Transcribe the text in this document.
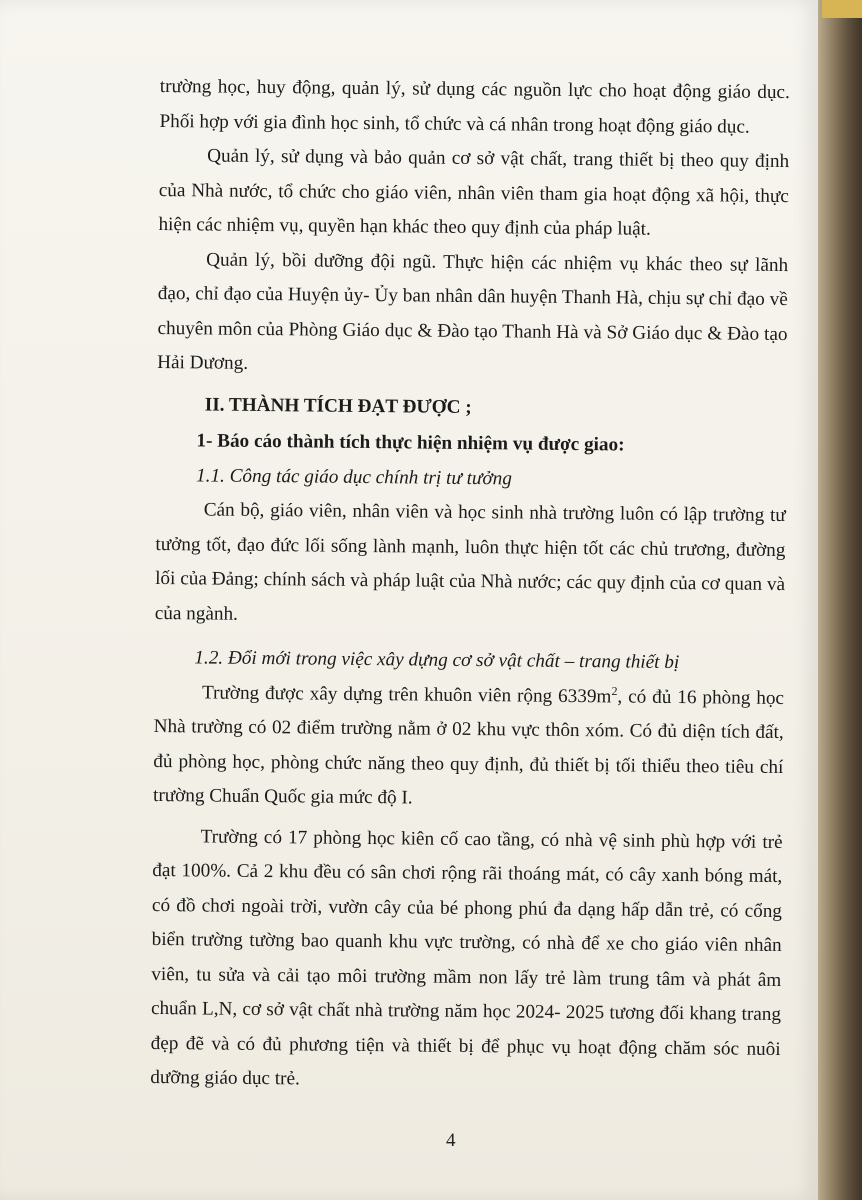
trường học, huy động, quản lý, sử dụng các nguồn lực cho hoạt động giáo dục. Phối hợp với gia đình học sinh, tổ chức và cá nhân trong hoạt động giáo dục.

Quản lý, sử dụng và bảo quản cơ sở vật chất, trang thiết bị theo quy định của Nhà nước, tổ chức cho giáo viên, nhân viên tham gia hoạt động xã hội, thực hiện các nhiệm vụ, quyền hạn khác theo quy định của pháp luật.

Quản lý, bồi dưỡng đội ngũ. Thực hiện các nhiệm vụ khác theo sự lãnh đạo, chỉ đạo của Huyện ủy- Ủy ban nhân dân huyện Thanh Hà, chịu sự chỉ đạo về chuyên môn của Phòng Giáo dục & Đào tạo Thanh Hà và Sở Giáo dục & Đào tạo Hải Dương.

II. THÀNH TÍCH ĐẠT ĐƯỢC ;

1- Báo cáo thành tích thực hiện nhiệm vụ được giao:

1.1. Công tác giáo dục chính trị tư tưởng

Cán bộ, giáo viên, nhân viên và học sinh nhà trường luôn có lập trường tư tưởng tốt, đạo đức lối sống lành mạnh, luôn thực hiện tốt các chủ trương, đường lối của Đảng; chính sách và pháp luật của Nhà nước; các quy định của cơ quan và của ngành.

1.2. Đổi mới trong việc xây dựng cơ sở vật chất – trang thiết bị

Trường được xây dựng trên khuôn viên rộng $6339m^2$, có đủ 16 phòng học Nhà trường có 02 điểm trường nằm ở 02 khu vực thôn xóm. Có đủ diện tích đất, đủ phòng học, phòng chức năng theo quy định, đủ thiết bị tối thiểu theo tiêu chí trường Chuẩn Quốc gia mức độ I.

Trường có 17 phòng học kiên cố cao tầng, có nhà vệ sinh phù hợp với trẻ đạt 100%. Cả 2 khu đều có sân chơi rộng rãi thoáng mát, có cây xanh bóng mát, có đồ chơi ngoài trời, vườn cây của bé phong phú đa dạng hấp dẫn trẻ, có cổng biển trường tường bao quanh khu vực trường, có nhà để xe cho giáo viên nhân viên, tu sửa và cải tạo môi trường mầm non lấy trẻ làm trung tâm và phát âm chuẩn L,N, cơ sở vật chất nhà trường năm học 2024- 2025 tương đối khang trang đẹp đẽ và có đủ phương tiện và thiết bị để phục vụ hoạt động chăm sóc nuôi dưỡng giáo dục trẻ.

4
